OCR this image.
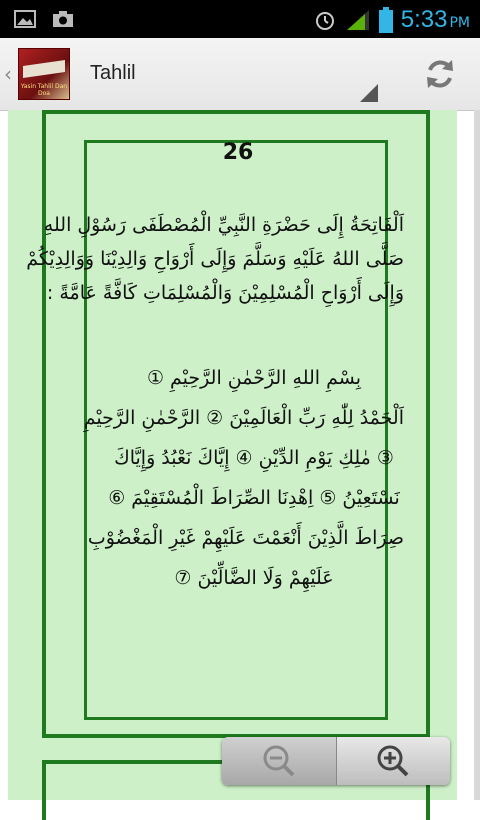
5:33 PM
‹
Yasin Tahlil Dan Doa
Tahlil
26
اَلْفَاتِحَةُ إِلَى حَضْرَةِ النَّبِيِّ الْمُصْطَفَى رَسُوْلِ اللهِ
صَلَّى اللهُ عَلَيْهِ وَسَلَّمَ وَإِلَى أَرْوَاحِ وَالِدِيْنَا وَوَالِدِيْكُمْ
وَإِلَى أَرْوَاحِ الْمُسْلِمِيْنَ وَالْمُسْلِمَاتِ كَافَّةً عَامَّةً :
بِسْمِ اللهِ الرَّحْمٰنِ الرَّحِيْمِ ①
اَلْحَمْدُ لِلّٰهِ رَبِّ الْعَالَمِيْنَ ② الرَّحْمٰنِ الرَّحِيْمِ
③ مٰلِكِ يَوْمِ الدِّيْنِ ④ إِيَّاكَ نَعْبُدُ وَإِيَّاكَ
نَسْتَعِيْنُ ⑤ اِهْدِنَا الصِّرَاطَ الْمُسْتَقِيْمَ ⑥
صِرَاطَ الَّذِيْنَ أَنْعَمْتَ عَلَيْهِمْ غَيْرِ الْمَغْضُوْبِ
عَلَيْهِمْ وَلَا الضَّالِّيْنَ ⑦
